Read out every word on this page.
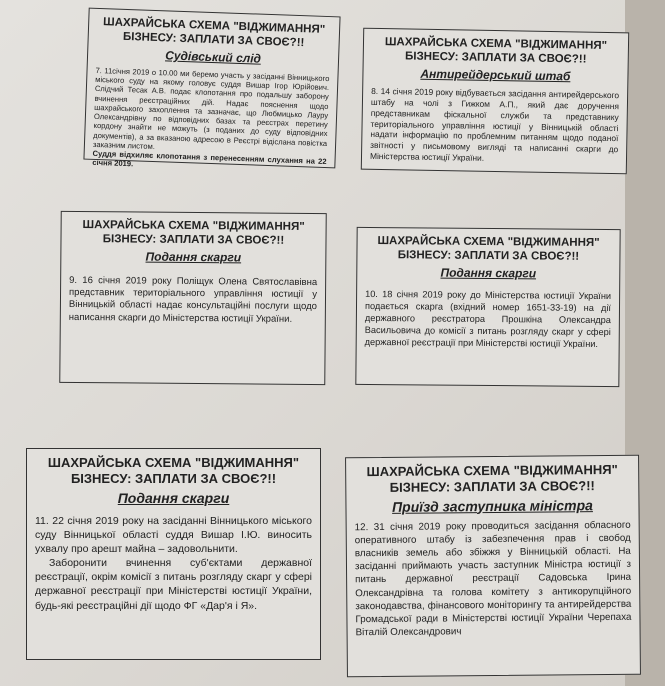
ШАХРАЙСЬКА СХЕМА "ВІДЖИМАННЯ"
БІЗНЕСУ: ЗАПЛАТИ ЗА СВОЄ?!!
Судівський слід

7. 11січня 2019 о 10.00 ми беремо участь у засіданні Вінницького міського суду на якому головує суддя Вишар Ігор Юрійович. Слідчий Тесак А.В. подає клопотання про подальшу заборону вчинення реєстраційних дій. Надає пояснення щодо шахрайського захоплення та зазначає, що Любмицько Лауру Олександрівну по відповідних базах та реєстрах перетину кордону знайти не можуть (з поданих до суду відповідних документів), а за вказаною адресою в Реєстрі відіслана повістка заказним листом.

Суддя відхиляє клопотання з перенесенням слухання на 22 січня 2019.

ШАХРАЙСЬКА СХЕМА "ВІДЖИМАННЯ"
БІЗНЕСУ: ЗАПЛАТИ ЗА СВОЄ?!!
Антирейдерський штаб

8. 14 січня 2019 року відбувається засідання антирейдерського штабу на чолі з Гижком А.П., який дає доручення представникам фіскальної служби та представнику територіального управління юстиції у Вінницькій області надати інформацію по проблемним питанням щодо поданої звітності у письмовому вигляді та написанні скарги до Міністерства юстиції України.

ШАХРАЙСЬКА СХЕМА "ВІДЖИМАННЯ"
БІЗНЕСУ: ЗАПЛАТИ ЗА СВОЄ?!!
Подання скарги

9. 16 січня 2019 року Поліщук Олена Святославівна представник територіального управління юстиції у Вінницькій області надає консультаційні послуги щодо написання скарги до Міністерства юстиції України.

ШАХРАЙСЬКА СХЕМА "ВІДЖИМАННЯ"
БІЗНЕСУ: ЗАПЛАТИ ЗА СВОЄ?!!
Подання скарги

10. 18 січня 2019 року до Міністерства юстиції України подається скарга (вхідний номер 1651-33-19) на дії державного реєстратора Прошкіна Олександра Васильовича до комісії з питань розгляду скарг у сфері державної реєстрації при Міністерстві юстиції України.

ШАХРАЙСЬКА СХЕМА "ВІДЖИМАННЯ"
БІЗНЕСУ: ЗАПЛАТИ ЗА СВОЄ?!!
Подання скарги

11. 22 січня 2019 року на засіданні Вінницького міського суду Вінницької області суддя Вишар І.Ю. виносить ухвалу про арешт майна – задовольнити.

Заборонити вчинення суб'єктами державної реєстрації, окрім комісії з питань розгляду скарг у сфері державної реєстрації при Міністерстві юстиції України, будь-які реєстраційні дії щодо ФГ «Дар'я і Я».

ШАХРАЙСЬКА СХЕМА "ВІДЖИМАННЯ"
БІЗНЕСУ: ЗАПЛАТИ ЗА СВОЄ?!!
Приїзд заступника міністра

12. 31 січня 2019 року проводиться засідання обласного оперативного штабу із забезпечення прав і свобод власників земель або збіжжя у Вінницькій області. На засіданні приймають участь заступник Міністра юстиції з питань державної реєстрації Садовська Ірина Олександрівна та голова комітету з антикорупційного законодавства, фінансового моніторингу та антирейдерства Громадської ради в Міністерстві юстиції України Черепаха Віталій Олександрович
